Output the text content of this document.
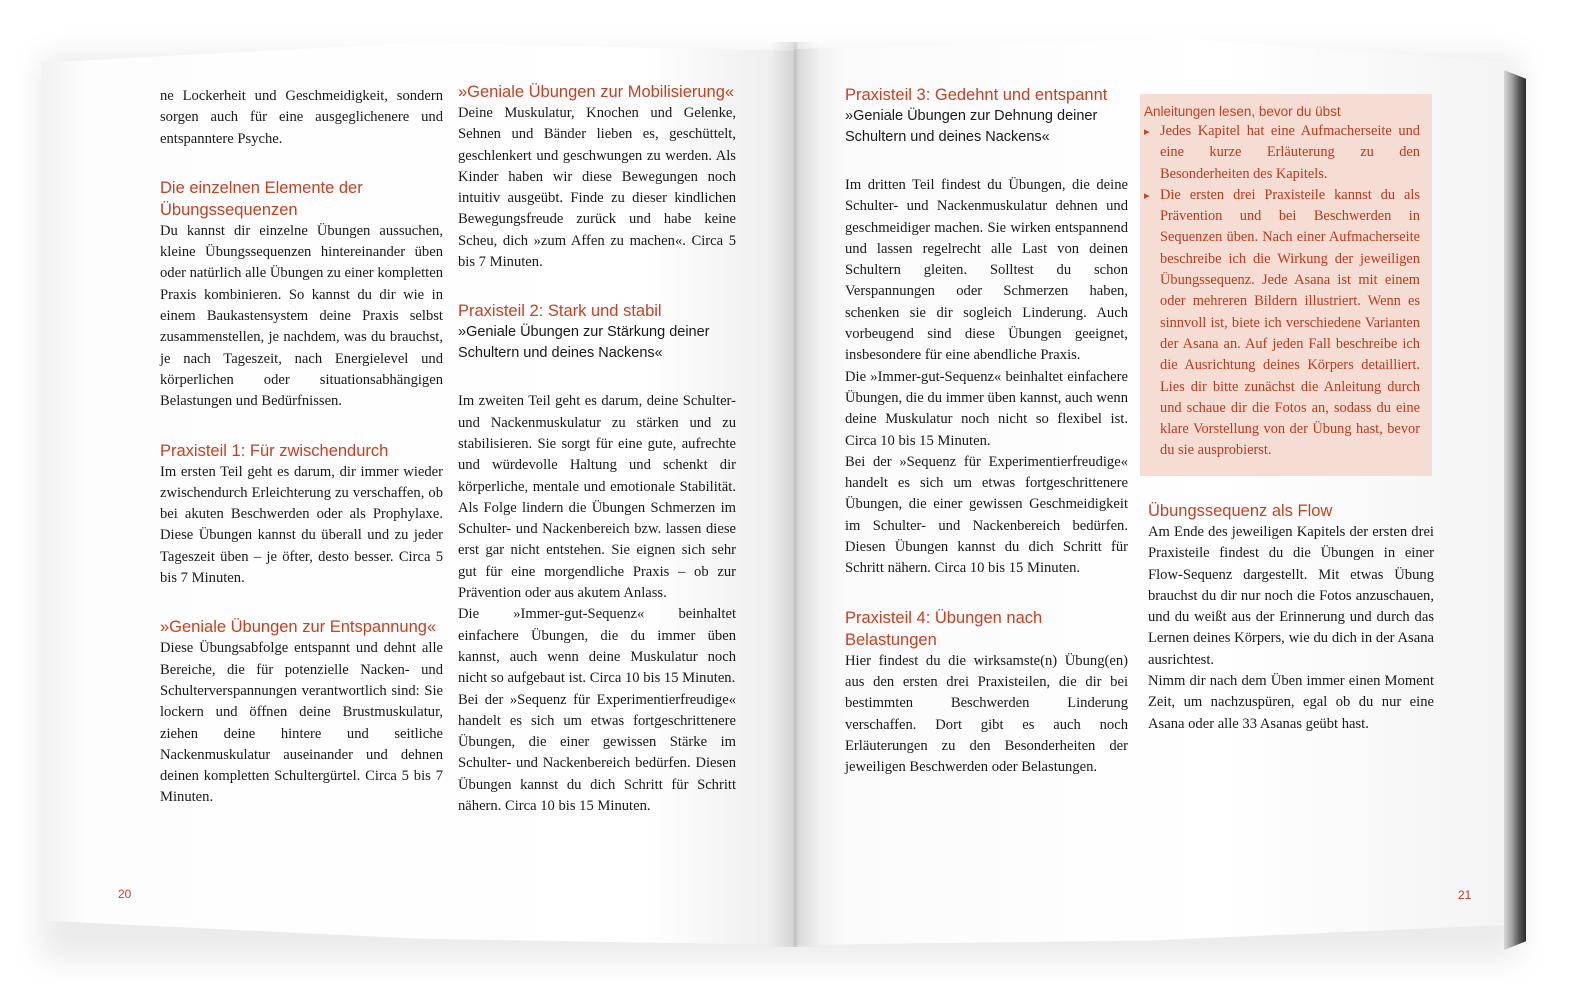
ne Lockerheit und Geschmeidigkeit, sondern sorgen auch für eine ausgeglichenere und entspanntere Psyche.

Die einzelnen Elemente der Übungssequenzen

Du kannst dir einzelne Übungen aussuchen, kleine Übungssequenzen hintereinander üben oder natürlich alle Übungen zu einer kompletten Praxis kombinieren. So kannst du dir wie in einem Baukastensystem deine Praxis selbst zusammenstellen, je nachdem, was du brauchst, je nach Tageszeit, nach Energielevel und körperlichen oder situationsabhängigen Belastungen und Bedürfnissen.

Praxisteil 1: Für zwischendurch

Im ersten Teil geht es darum, dir immer wieder zwischendurch Erleichterung zu verschaffen, ob bei akuten Beschwerden oder als Prophylaxe. Diese Übungen kannst du überall und zu jeder Tageszeit üben – je öfter, desto besser. Circa 5 bis 7 Minuten.

»Geniale Übungen zur Entspannung«

Diese Übungsabfolge entspannt und dehnt alle Bereiche, die für potenzielle Nacken- und Schulterverspannungen verantwortlich sind: Sie lockern und öffnen deine Brustmuskulatur, ziehen deine hintere und seitliche Nackenmuskulatur auseinander und dehnen deinen kompletten Schultergürtel. Circa 5 bis 7 Minuten.

»Geniale Übungen zur Mobilisierung«

Deine Muskulatur, Knochen und Gelenke, Sehnen und Bänder lieben es, geschüttelt, geschlenkert und geschwungen zu werden. Als Kinder haben wir diese Bewegungen noch intuitiv ausgeübt. Finde zu dieser kindlichen Bewegungsfreude zurück und habe keine Scheu, dich »zum Affen zu machen«. Circa 5 bis 7 Minuten.

Praxisteil 2: Stark und stabil
»Geniale Übungen zur Stärkung deiner Schultern und deines Nackens«

Im zweiten Teil geht es darum, deine Schulter- und Nackenmuskulatur zu stärken und zu stabilisieren. Sie sorgt für eine gute, aufrechte und würdevolle Haltung und schenkt dir körperliche, mentale und emotionale Stabilität. Als Folge lindern die Übungen Schmerzen im Schulter- und Nackenbereich bzw. lassen diese erst gar nicht entstehen. Sie eignen sich sehr gut für eine morgendliche Praxis – ob zur Prävention oder aus akutem Anlass.

Die »Immer-gut-Sequenz« beinhaltet einfachere Übungen, die du immer üben kannst, auch wenn deine Muskulatur noch nicht so aufgebaut ist. Circa 10 bis 15 Minuten.

Bei der »Sequenz für Experimentierfreudige« handelt es sich um etwas fortgeschrittenere Übungen, die einer gewissen Stärke im Schulter- und Nackenbereich bedürfen. Diesen Übungen kannst du dich Schritt für Schritt nähern. Circa 10 bis 15 Minuten.

20
Praxisteil 3: Gedehnt und entspannt
»Geniale Übungen zur Dehnung deiner Schultern und deines Nackens«

Im dritten Teil findest du Übungen, die deine Schulter- und Nackenmuskulatur dehnen und geschmeidiger machen. Sie wirken entspannend und lassen regelrecht alle Last von deinen Schultern gleiten. Solltest du schon Verspannungen oder Schmerzen haben, schenken sie dir sogleich Linderung. Auch vorbeugend sind diese Übungen geeignet, insbesondere für eine abendliche Praxis.

Die »Immer-gut-Sequenz« beinhaltet einfachere Übungen, die du immer üben kannst, auch wenn deine Muskulatur noch nicht so flexibel ist. Circa 10 bis 15 Minuten.

Bei der »Sequenz für Experimentierfreudige« handelt es sich um etwas fortgeschrittenere Übungen, die einer gewissen Geschmeidigkeit im Schulter- und Nackenbereich bedürfen. Diesen Übungen kannst du dich Schritt für Schritt nähern. Circa 10 bis 15 Minuten.

Praxisteil 4: Übungen nach Belastungen

Hier findest du die wirksamste(n) Übung(en) aus den ersten drei Praxisteilen, die dir bei bestimmten Beschwerden Linderung verschaffen. Dort gibt es auch noch Erläuterungen zu den Besonderheiten der jeweiligen Beschwerden oder Belastungen.

Anleitungen lesen, bevor du übst
▸ Jedes Kapitel hat eine Aufmacherseite und eine kurze Erläuterung zu den Besonderheiten des Kapitels.
▸ Die ersten drei Praxisteile kannst du als Prävention und bei Beschwerden in Sequenzen üben. Nach einer Aufmacherseite beschreibe ich die Wirkung der jeweiligen Übungssequenz. Jede Asana ist mit einem oder mehreren Bildern illustriert. Wenn es sinnvoll ist, biete ich verschiedene Varianten der Asana an. Auf jeden Fall beschreibe ich die Ausrichtung deines Körpers detailliert. Lies dir bitte zunächst die Anleitung durch und schaue dir die Fotos an, sodass du eine klare Vorstellung von der Übung hast, bevor du sie ausprobierst.
Übungssequenz als Flow

Am Ende des jeweiligen Kapitels der ersten drei Praxisteile findest du die Übungen in einer Flow-Sequenz dargestellt. Mit etwas Übung brauchst du dir nur noch die Fotos anzuschauen, und du weißt aus der Erinnerung und durch das Lernen deines Körpers, wie du dich in der Asana ausrichtest.

Nimm dir nach dem Üben immer einen Moment Zeit, um nachzuspüren, egal ob du nur eine Asana oder alle 33 Asanas geübt hast.

21
